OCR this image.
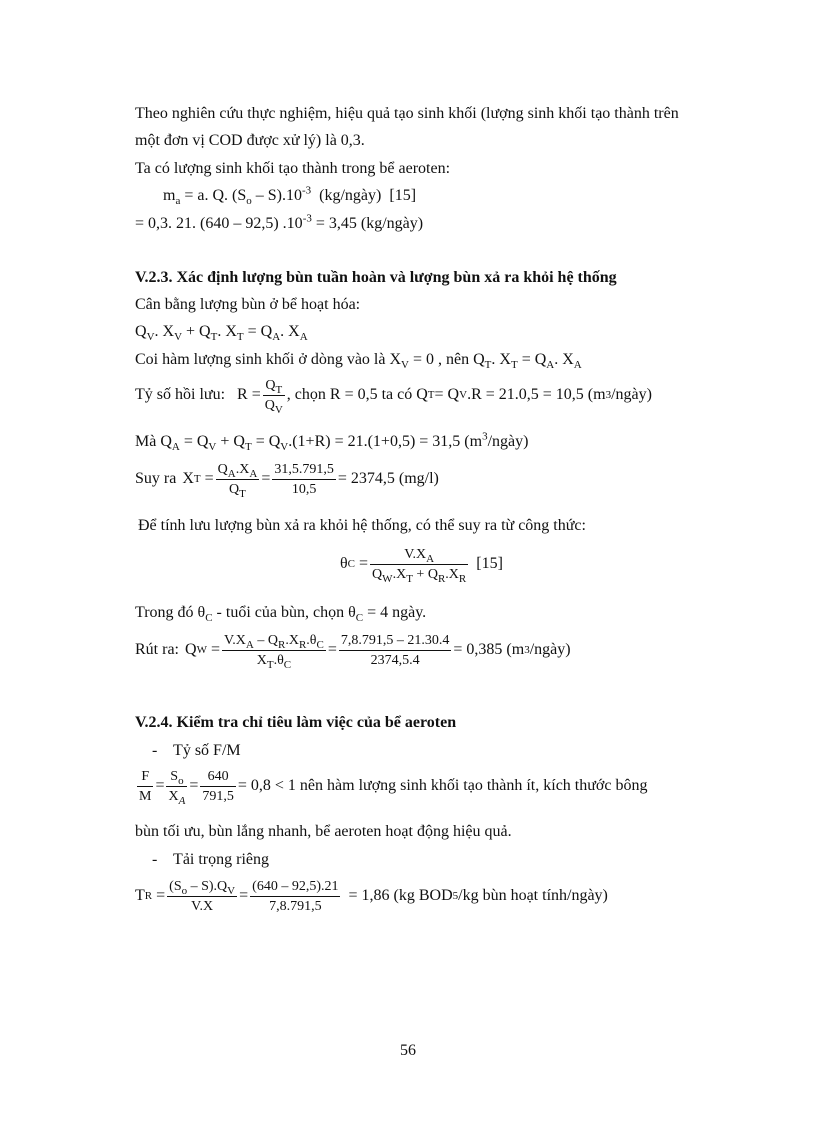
Theo nghiên cứu thực nghiệm, hiệu quả tạo sinh khối (lượng sinh khối tạo thành trên
một đơn vị COD được xử lý) là 0,3.
Ta có lượng sinh khối tạo thành trong bể aeroten:
$m_a = a$. Q. $(S_o - S).10^{-3}$  (kg/ngày)  [15]
= 0,3. 21. (640 – 92,5) $.10^{-3} = 3,45$ (kg/ngày)
V.2.3. Xác định lượng bùn tuần hoàn và lượng bùn xả ra khỏi hệ thống
Cân bằng lượng bùn ở bể hoạt hóa:
$Q_V$. $X_V + Q_T$. $X_T = Q_A$. $X_A$
Coi hàm lượng sinh khối ở dòng vào là $X_V = 0$ , nên $Q_T$. $X_T = Q_A$. $X_A$
Tỷ số hồi lưu: $R = \frac{Q_T}{Q_V}$ , chọn R = 0,5 ta có Q T = Q V .R = 21.0,5 = 10,5 (m 3 /ngày)
Mà $Q_A = Q_V + Q_T = Q_V.(1+R) = 21.(1+0,5) = 31,5$ $(m^3/ngày)$
Suy ra X $T = \frac{Q_A.X_A}{Q_T} = \frac{31,5.791,5}{10,5} = 2374,5$ (mg/l)
Để tính lưu lượng bùn xả ra khỏi hệ thống, có thể suy ra từ công thức:
θ $C = \frac{V.X_A}{Q_W.X_T + Q_R.X_R} [15]$
Trong đó $\theta_C$ - tuổi của bùn, chọn $\theta_C = 4$ ngày.
Rút ra: Q $W = \frac{V.X_A - Q_R.X_R.\theta_C}{X_T.\theta_C} = \frac{7,8.791,5 - 21.30.4}{2374,5.4} = 0,385$ (m 3 /ngày)
V.2.4. Kiểm tra chỉ tiêu làm việc của bể aeroten
-    Tỷ số F/M
$\frac{F}{M} = \frac{S_o}{X_A} = \frac{640}{791,5} = 0,8 < 1$ nên hàm lượng sinh khối tạo thành ít, kích thước bông
bùn tối ưu, bùn lắng nhanh, bể aeroten hoạt động hiệu quả.
-    Tải trọng riêng
T $R = \frac{(S_o - S).Q_V}{V.X} = \frac{(640 - 92,5).21}{7,8.791,5} = 1,86$ (kg BOD 5 /kg bùn hoạt tính/ngày)
56
